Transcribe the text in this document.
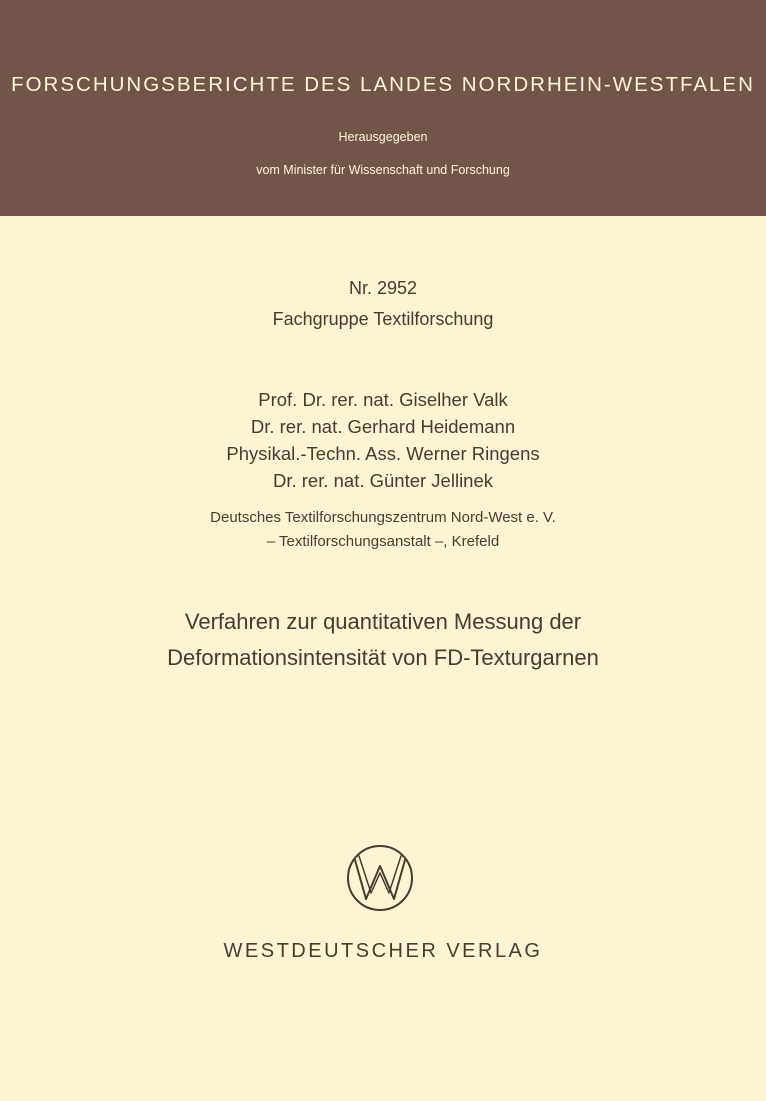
FORSCHUNGSBERICHTE DES LANDES NORDRHEIN-WESTFALEN
Herausgegeben
vom Minister für Wissenschaft und Forschung
Nr. 2952
Fachgruppe Textilforschung
Prof. Dr. rer. nat. Giselher Valk
Dr. rer. nat. Gerhard Heidemann
Physikal.-Techn. Ass. Werner Ringens
Dr. rer. nat. Günter Jellinek
Deutsches Textilforschungszentrum Nord-West e. V.
– Textilforschungsanstalt –, Krefeld
Verfahren zur quantitativen Messung der
Deformationsintensität von FD-Texturgarnen
WESTDEUTSCHER VERLAG
